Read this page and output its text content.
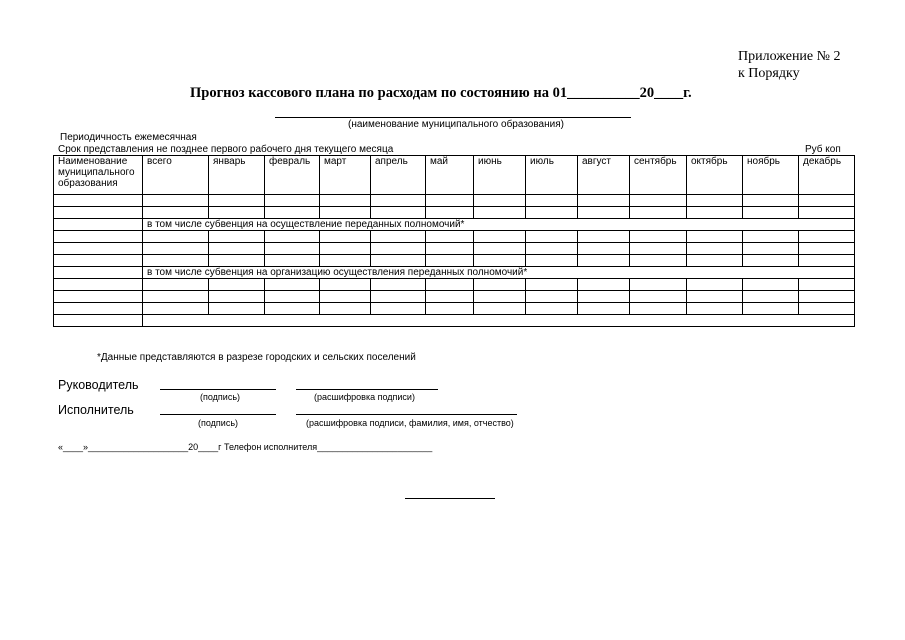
Приложение № 2
к Порядку
Прогноз кассового плана по расходам по состоянию на 01__________20____г.
(наименование муниципального образования)
Периодичность ежемесячная
Срок представления не позднее первого рабочего дня текущего месяца	Руб коп
Наименование муниципального образования	всего	январь	февраль	март	апрель	май	июнь	июль	август	сентябрь	октябрь	ноябрь	декабрь

	в том числе субвенция на осуществление переданных полномочий*												

	в том числе субвенция на организацию осуществления переданных полномочий*												

*Данные представляются в разрезе городских и сельских поселений
Руководитель
(подпись)	(расшифровка подписи)
Исполнитель
(подпись)	(расшифровка подписи, фамилия, имя, отчество)
«____»____________________20____г Телефон исполнителя_______________________
